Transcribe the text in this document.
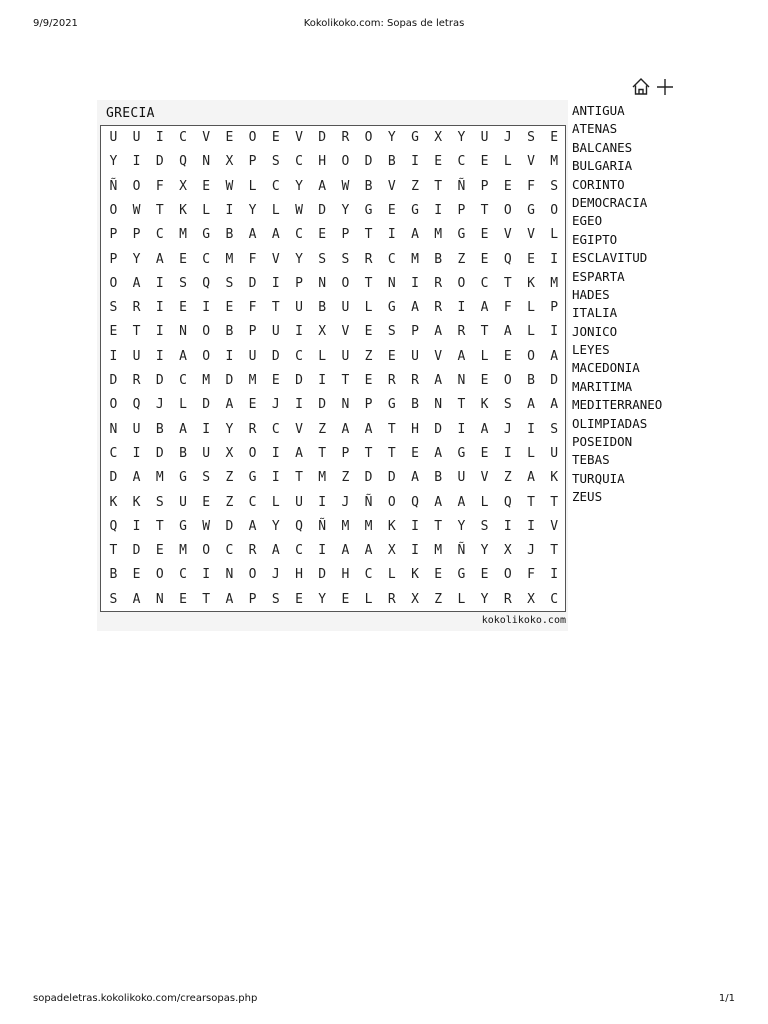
9/9/2021	Kokolikoko.com: Sopas de letras
GRECIA
U	U	I	C	V	E	O	E	V	D	R	O	Y	G	X	Y	U	J	S	E
Y	I	D	Q	N	X	P	S	C	H	O	D	B	I	E	C	E	L	V	M
Ñ	O	F	X	E	W	L	C	Y	A	W	B	V	Z	T	Ñ	P	E	F	S
O	W	T	K	L	I	Y	L	W	D	Y	G	E	G	I	P	T	O	G	O
P	P	C	M	G	B	A	A	C	E	P	T	I	A	M	G	E	V	V	L
P	Y	A	E	C	M	F	V	Y	S	S	R	C	M	B	Z	E	Q	E	I
O	A	I	S	Q	S	D	I	P	N	O	T	N	I	R	O	C	T	K	M
S	R	I	E	I	E	F	T	U	B	U	L	G	A	R	I	A	F	L	P
E	T	I	N	O	B	P	U	I	X	V	E	S	P	A	R	T	A	L	I
I	U	I	A	O	I	U	D	C	L	U	Z	E	U	V	A	L	E	O	A
D	R	D	C	M	D	M	E	D	I	T	E	R	R	A	N	E	O	B	D
O	Q	J	L	D	A	E	J	I	D	N	P	G	B	N	T	K	S	A	A
N	U	B	A	I	Y	R	C	V	Z	A	A	T	H	D	I	A	J	I	S
C	I	D	B	U	X	O	I	A	T	P	T	T	E	A	G	E	I	L	U
D	A	M	G	S	Z	G	I	T	M	Z	D	D	A	B	U	V	Z	A	K
K	K	S	U	E	Z	C	L	U	I	J	Ñ	O	Q	A	A	L	Q	T	T
Q	I	T	G	W	D	A	Y	Q	Ñ	M	M	K	I	T	Y	S	I	I	V
T	D	E	M	O	C	R	A	C	I	A	A	X	I	M	Ñ	Y	X	J	T
B	E	O	C	I	N	O	J	H	D	H	C	L	K	E	G	E	O	F	I
S	A	N	E	T	A	P	S	E	Y	E	L	R	X	Z	L	Y	R	X	C
kokolikoko.com
ANTIGUA
ATENAS
BALCANES
BULGARIA
CORINTO
DEMOCRACIA
EGEO
EGIPTO
ESCLAVITUD
ESPARTA
HADES
ITALIA
JONICO
LEYES
MACEDONIA
MARITIMA
MEDITERRANEO
OLIMPIADAS
POSEIDON
TEBAS
TURQUIA
ZEUS
sopadeletras.kokolikoko.com/crearsopas.php	1/1
